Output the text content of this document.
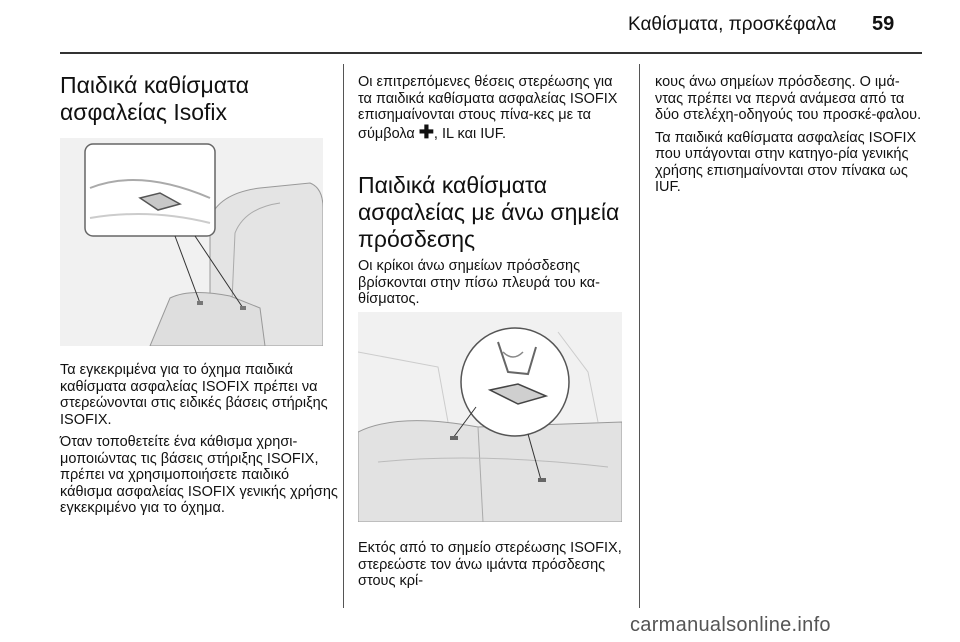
Καθίσματα, προσκέφαλα 59
Παιδικά καθίσματα ασφαλείας Isofix

Τα εγκεκριμένα για το όχημα παιδικά καθίσματα ασφαλείας ISOFIX πρέπει να στερεώνονται στις ειδικές βάσεις στήριξης ISOFIX.

Όταν τοποθετείτε ένα κάθισμα χρησι‐μοποιώντας τις βάσεις στήριξης ISOFIX, πρέπει να χρησιμοποιήσετε παιδικό κάθισμα ασφαλείας ISOFIX γενικής χρήσης εγκεκριμένο για το όχημα.

Οι επιτρεπόμενες θέσεις στερέωσης για τα παιδικά καθίσματα ασφαλείας ISOFIX επισημαίνονται στους πίνα‐κες με τα σύμβολα ✚, IL και IUF.

Παιδικά καθίσματα ασφαλείας με άνω σημεία πρόσδεσης

Οι κρίκοι άνω σημείων πρόσδεσης βρίσκονται στην πίσω πλευρά του κα‐θίσματος.

Εκτός από το σημείο στερέωσης ISOFIX, στερεώστε τον άνω ιμάντα πρόσδεσης στους κρί‐

κους άνω σημείων πρόσδεσης. Ο ιμά‐ντας πρέπει να περνά ανάμεσα από τα δύο στελέχη-οδηγούς του προσκέ‐φαλου.

Τα παιδικά καθίσματα ασφαλείας ISOFIX που υπάγονται στην κατηγο‐ρία γενικής χρήσης επισημαίνονται στον πίνακα ως IUF.

carmanualsonline.info
